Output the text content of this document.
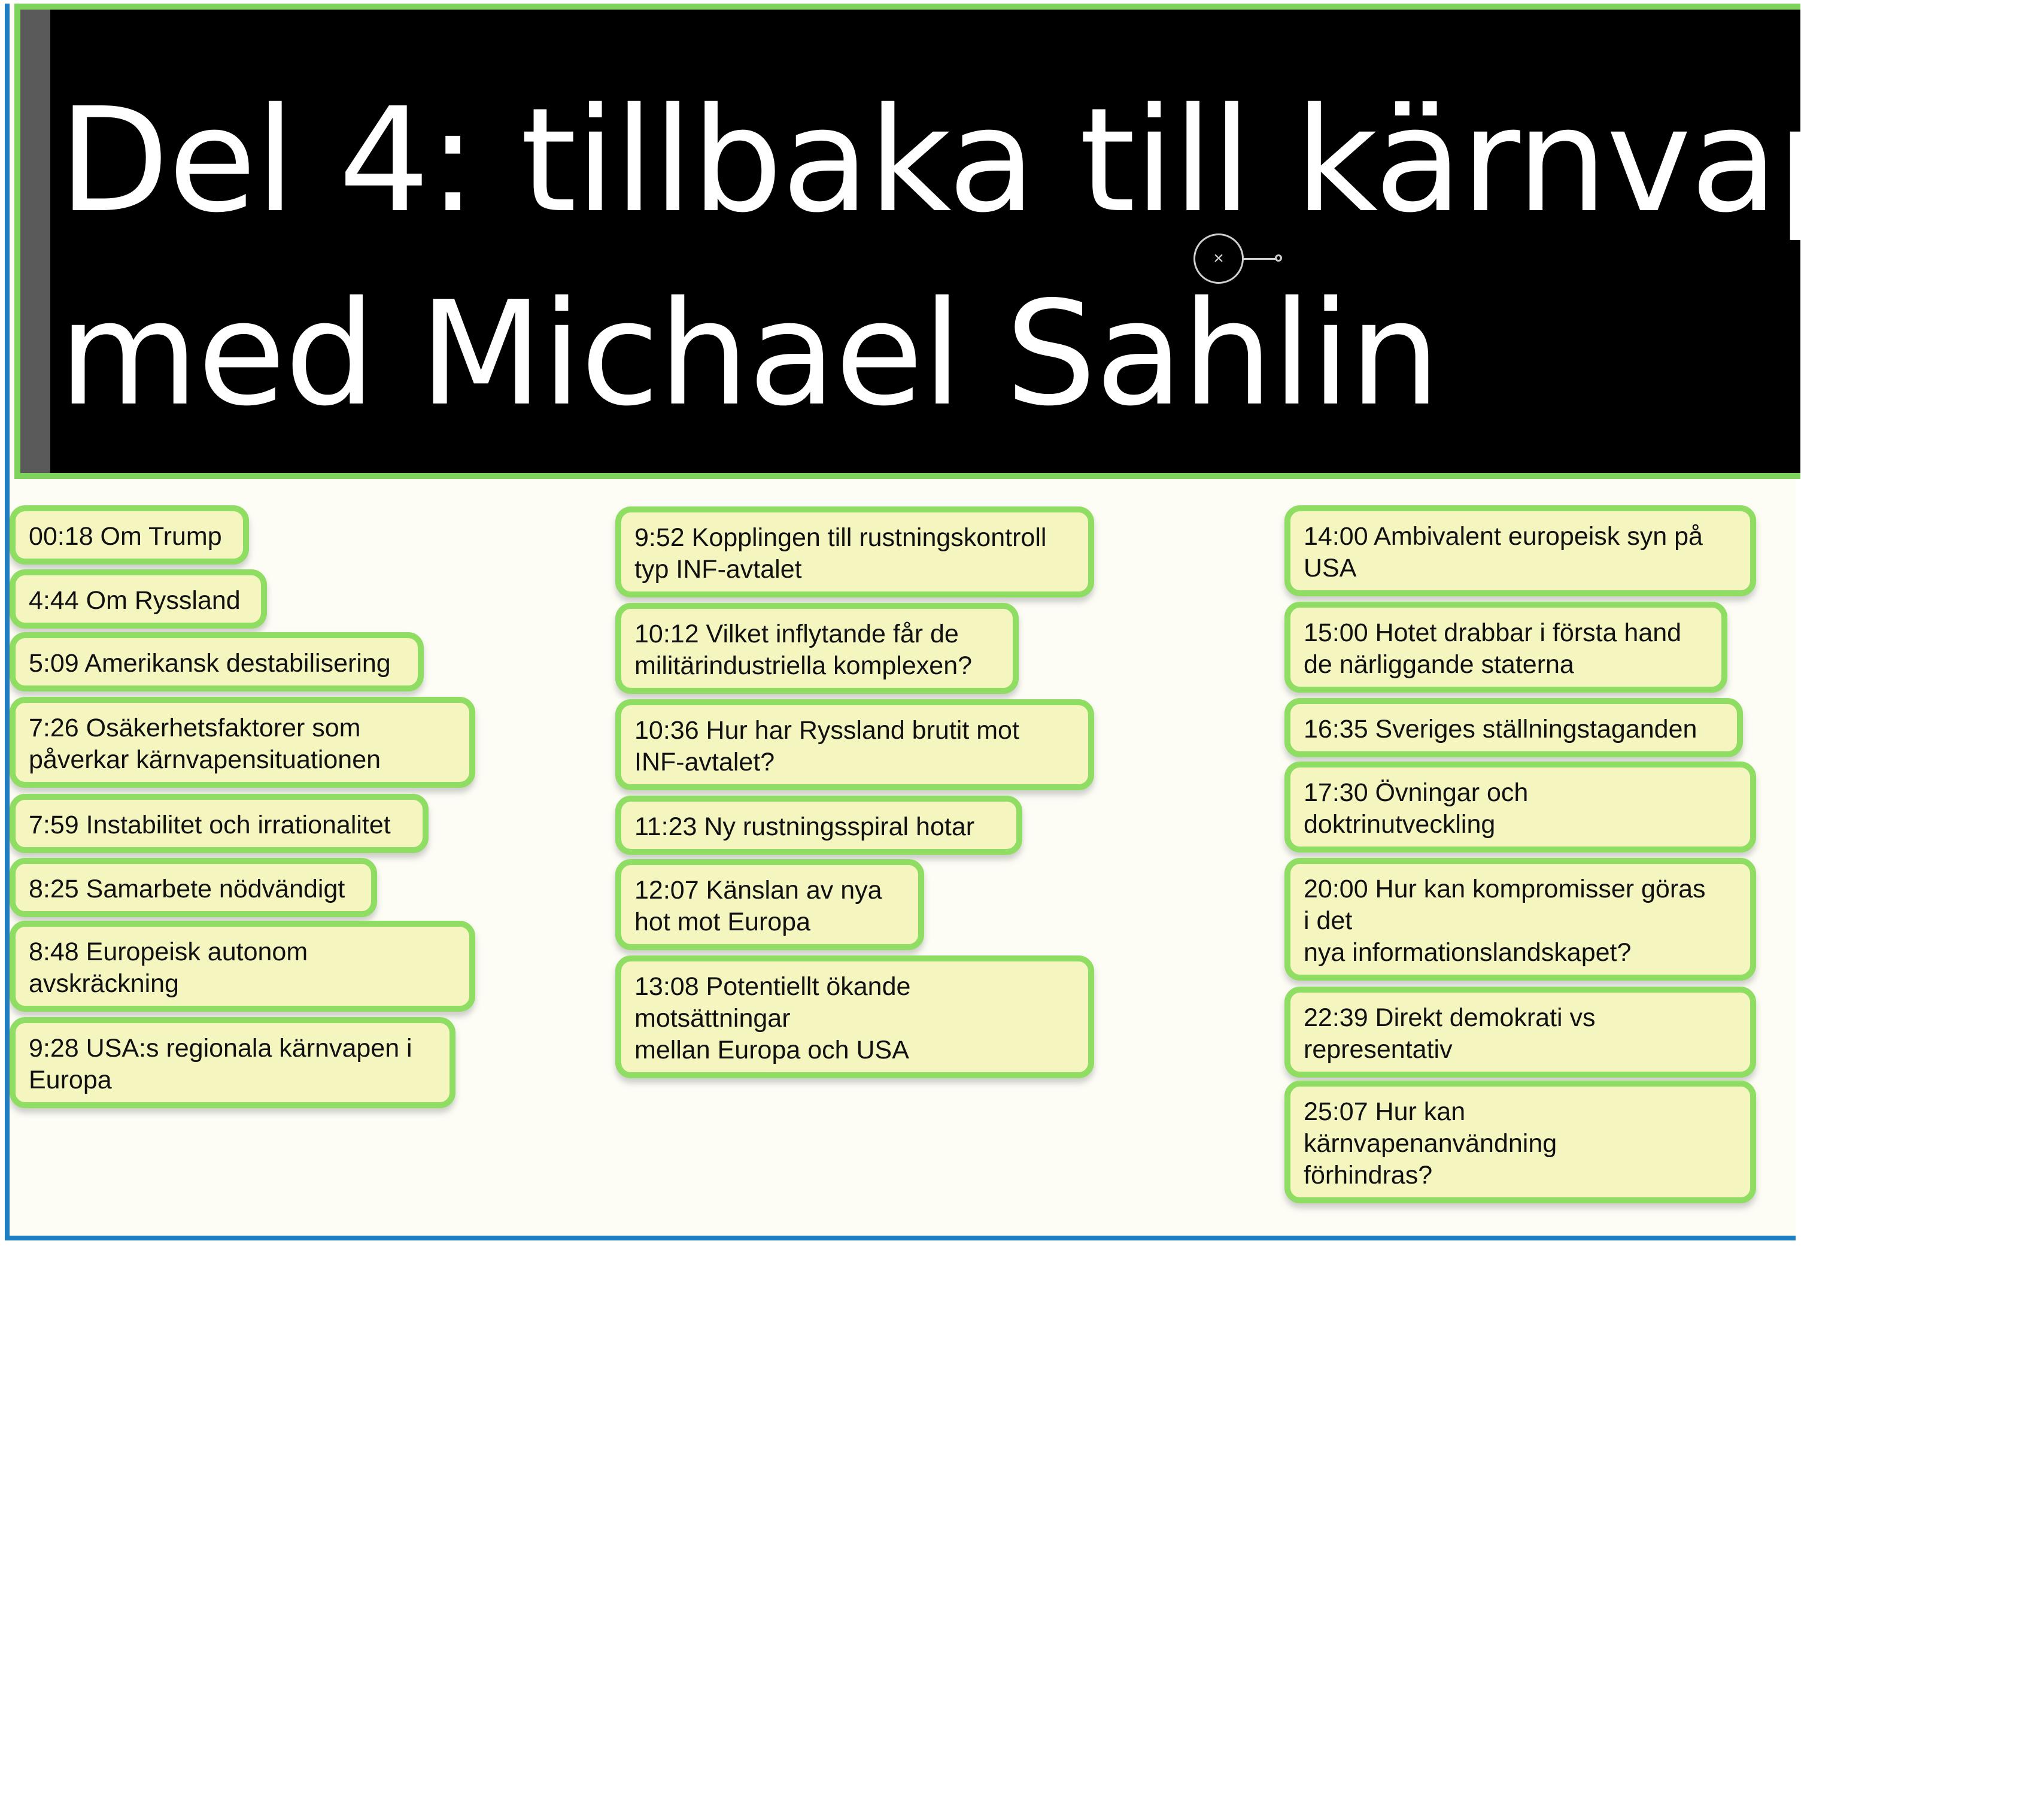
Del 4: tillbaka till kärnvapen
med Michael Sahlin
×
00:18 Om Trump
4:44 Om Ryssland
5:09 Amerikansk destabilisering
7:26 Osäkerhetsfaktorer som
påverkar kärnvapensituationen
7:59 Instabilitet och irrationalitet
8:25 Samarbete nödvändigt
8:48 Europeisk autonom
avskräckning
9:28 USA:s regionala kärnvapen i
Europa
9:52 Kopplingen till rustningskontroll
typ INF-avtalet
10:12 Vilket inflytande får de
militärindustriella komplexen?
10:36 Hur har Ryssland brutit mot
INF-avtalet?
11:23 Ny rustningsspiral hotar
12:07 Känslan av nya
hot mot Europa
13:08 Potentiellt ökande
motsättningar
mellan Europa och USA
14:00 Ambivalent europeisk syn på
USA
15:00 Hotet drabbar i första hand
de närliggande staterna
16:35 Sveriges ställningstaganden
17:30 Övningar och
doktrinutveckling
20:00 Hur kan kompromisser göras
i det
nya informationslandskapet?
22:39 Direkt demokrati vs
representativ
25:07 Hur kan
kärnvapenanvändning
förhindras?
